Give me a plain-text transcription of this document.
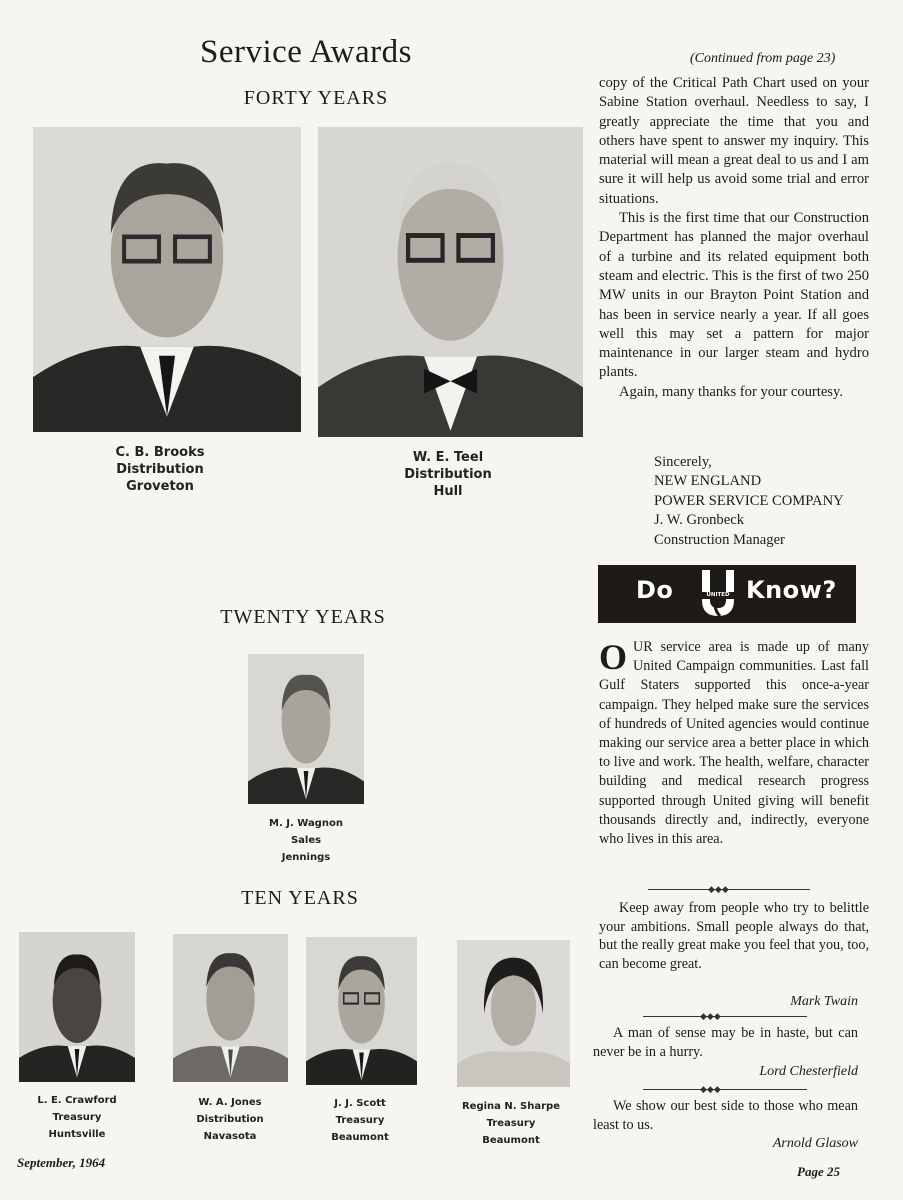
Service Awards
FORTY YEARS
TWENTY YEARS
TEN YEARS
C. B. Brooks
Distribution
Groveton
W. E. Teel
Distribution
Hull
M. J. Wagnon
Sales
Jennings
L. E. Crawford
Treasury
Huntsville
W. A. Jones
Distribution
Navasota
J. J. Scott
Treasury
Beaumont
Regina N. Sharpe
Treasury
Beaumont
(Continued from page 23)

copy of the Critical Path Chart used on your Sabine Station overhaul. Needless to say, I greatly appreciate the time that you and others have spent to answer my inquiry. This material will mean a great deal to us and I am sure it will help us avoid some trial and error situations.

This is the first time that our Construction Department has planned the major overhaul of a turbine and its related equipment both steam and electric. This is the first of two 250 MW units in our Brayton Point Station and has been in service nearly a year. If all goes well this may set a pattern for major maintenance in our larger steam and hydro plants.

Again, many thanks for your courtesy.

Sincerely,
NEW ENGLAND
POWER SERVICE COMPANY
J. W. Gronbeck
Construction Manager
Do	UNITED Know?
OUR service area is made up of many United Campaign communities. Last fall Gulf Staters supported this once-a-year campaign. They helped make sure the services of hundreds of United agencies would continue making our service area a better place in which to live and work. The health, welfare, character building and medical research progress supported through United giving will benefit thousands directly and, indirectly, everyone who lives in this area.
◆◆◆
◆◆◆
◆◆◆

Keep away from people who try to belittle your ambitions. Small people always do that, but the really great make you feel that you, too, can become great.

Mark Twain

A man of sense may be in haste, but can never be in a hurry.

Lord Chesterfield

We show our best side to those who mean least to us.

Arnold Glasow
September, 1964
Page 25
